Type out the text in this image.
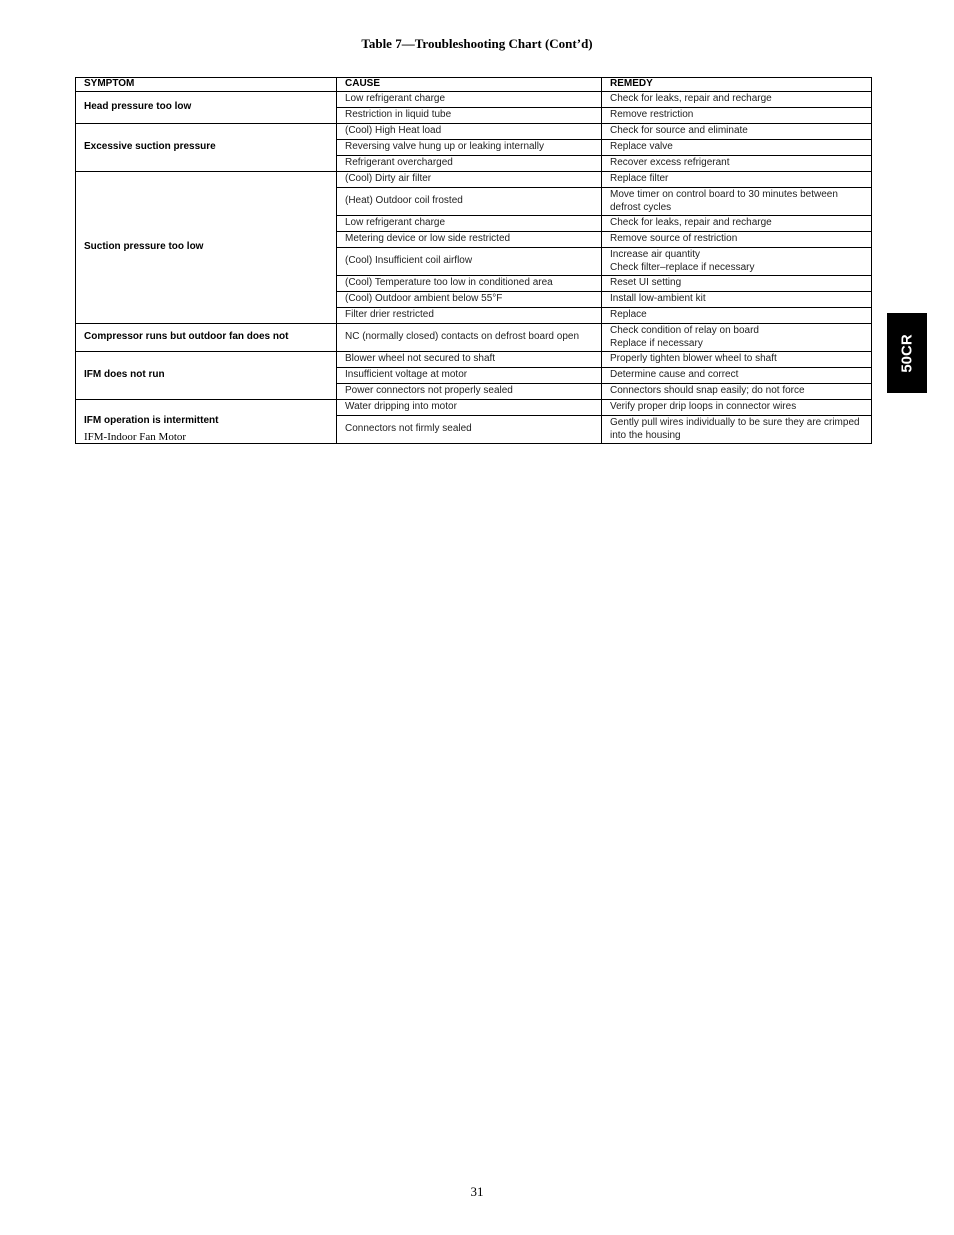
Table 7—Troubleshooting Chart (Cont’d)
SYMPTOM	CAUSE	REMEDY
Head pressure too low	Low refrigerant charge	Check for leaks, repair and recharge

	Restriction in liquid tube	Remove restriction

Excessive suction pressure	(Cool) High Heat load	Check for source and eliminate

	Reversing valve hung up or leaking internally	Replace valve

	Refrigerant overcharged	Recover excess refrigerant

Suction pressure too low	(Cool) Dirty air filter	Replace filter

	(Heat) Outdoor coil frosted	Move timer on control board to 30 minutes between defrost cycles

	Low refrigerant charge	Check for leaks, repair and recharge

	Metering device or low side restricted	Remove source of restriction

	(Cool) Insufficient coil airflow	Increase air quantity
Check filter–replace if necessary

	(Cool) Temperature too low in conditioned area	Reset UI setting

	(Cool) Outdoor ambient below 55°F	Install low-ambient kit

	Filter drier restricted	Replace

Compressor runs but outdoor fan does not	NC (normally closed) contacts on defrost board open	Check condition of relay on board
Replace if necessary

IFM does not run	Blower wheel not secured to shaft	Properly tighten blower wheel to shaft

	Insufficient voltage at motor	Determine cause and correct

	Power connectors not properly sealed	Connectors should snap easily; do not force

IFM operation is intermittent	Water dripping into motor	Verify proper drip loops in connector wires

	Connectors not firmly sealed	Gently pull wires individually to be sure they are crimped into the housing
IFM-Indoor Fan Motor
50CR
31
